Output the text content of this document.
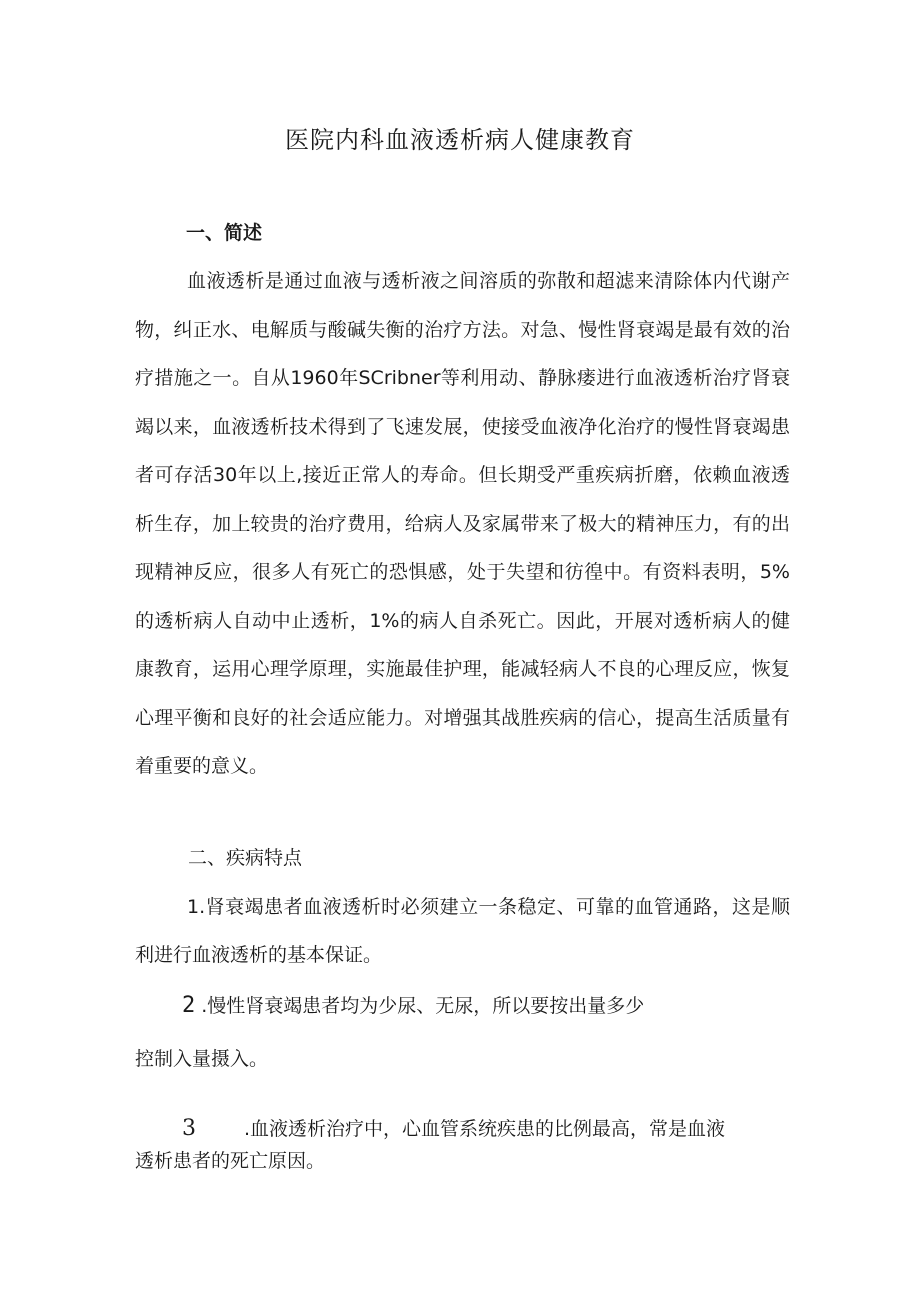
医院内科血液透析病人健康教育
一、简述
血液透析是通过血液与透析液之间溶质的弥散和超滤来清除体内代谢产物，纠正水、电解质与酸碱失衡的治疗方法。对急、慢性肾衰竭是最有效的治疗措施之一。自从1960年SCribner等利用动、静脉瘘进行血液透析治疗肾衰竭以来，血液透析技术得到了飞速发展，使接受血液净化治疗的慢性肾衰竭患者可存活30年以上,接近正常人的寿命。但长期受严重疾病折磨，依赖血液透析生存，加上较贵的治疗费用，给病人及家属带来了极大的精神压力，有的出现精神反应，很多人有死亡的恐惧感，处于失望和彷徨中。有资料表明，5%的透析病人自动中止透析，1%的病人自杀死亡。因此，开展对透析病人的健康教育，运用心理学原理，实施最佳护理，能减轻病人不良的心理反应，恢复心理平衡和良好的社会适应能力。对增强其战胜疾病的信心，提高生活质量有着重要的意义。
二、疾病特点
1.肾衰竭患者血液透析时必须建立一条稳定、可靠的血管通路，这是顺利进行血液透析的基本保证。
2 .慢性肾衰竭患者均为少尿、无尿，所以要按出量多少
控制入量摄入。
3	.血液透析治疗中，心血管系统疾患的比例最高，常是血液
透析患者的死亡原因。
